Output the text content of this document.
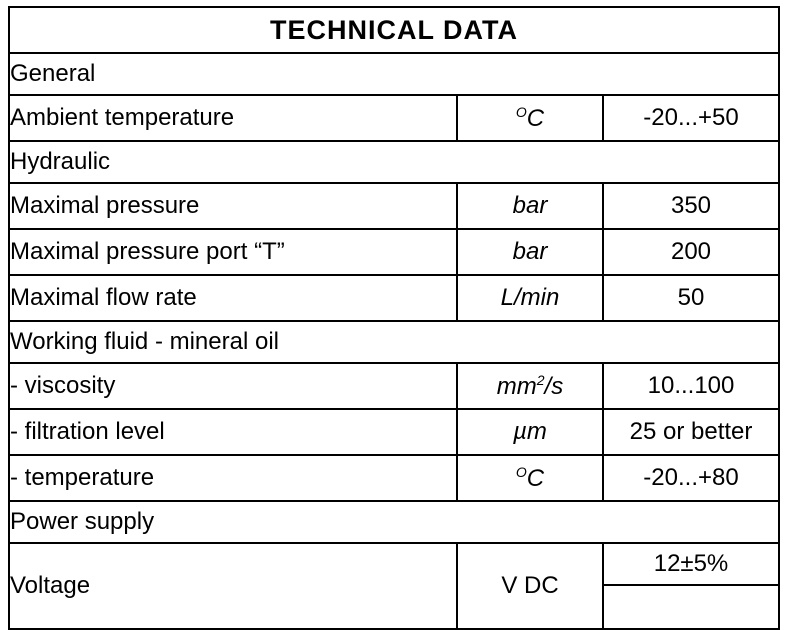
TECHNICAL DATA		
General		
Ambient temperature	$^O$C	-20...+50
Hydraulic		
Maximal pressure	bar	350
Maximal pressure port “T”	bar	200
Maximal flow rate	L/min	50
Working fluid - mineral oil		
- viscosity	$mm^2/s$	10...100
- filtration level	µm	25 or better
- temperature	$^O$C	-20...+80
Power supply		

Voltage	V DC	12±5%
